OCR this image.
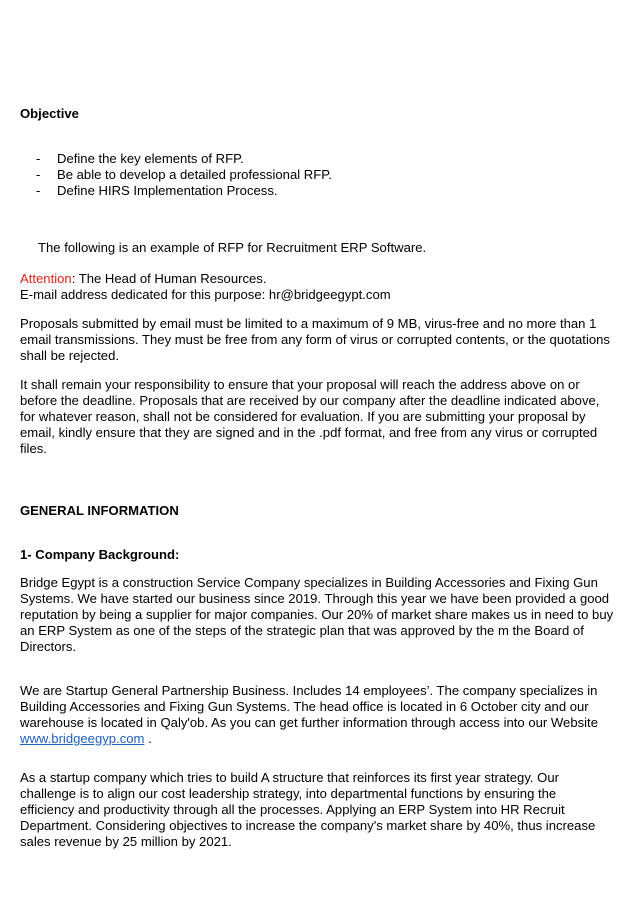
Objective
- Define the key elements of RFP.
- Be able to develop a detailed professional RFP.
- Define HIRS Implementation Process.
The following is an example of RFP for Recruitment ERP Software.
Attention: The Head of Human Resources.
E-mail address dedicated for this purpose: hr@bridgeegypt.com
Proposals submitted by email must be limited to a maximum of 9 MB, virus-free and no more than 1
email transmissions. They must be free from any form of virus or corrupted contents, or the quotations
shall be rejected.
It shall remain your responsibility to ensure that your proposal will reach the address above on or
before the deadline. Proposals that are received by our company after the deadline indicated above,
for whatever reason, shall not be considered for evaluation. If you are submitting your proposal by
email, kindly ensure that they are signed and in the .pdf format, and free from any virus or corrupted
files.
GENERAL INFORMATION
1- Company Background:
Bridge Egypt is a construction Service Company specializes in Building Accessories and Fixing Gun
Systems. We have started our business since 2019. Through this year we have been provided a good
reputation by being a supplier for major companies. Our 20% of market share makes us in need to buy
an ERP System as one of the steps of the strategic plan that was approved by the m the Board of
Directors.
We are Startup General Partnership Business. Includes 14 employees’. The company specializes in
Building Accessories and Fixing Gun Systems. The head office is located in 6 October city and our
warehouse is located in Qaly'ob. As you can get further information through access into our Website
www.bridgeegyp.com .
As a startup company which tries to build A structure that reinforces its first year strategy. Our
challenge is to align our cost leadership strategy, into departmental functions by ensuring the
efficiency and productivity through all the processes. Applying an ERP System into HR Recruit
Department. Considering objectives to increase the company's market share by 40%, thus increase
sales revenue by 25 million by 2021.
